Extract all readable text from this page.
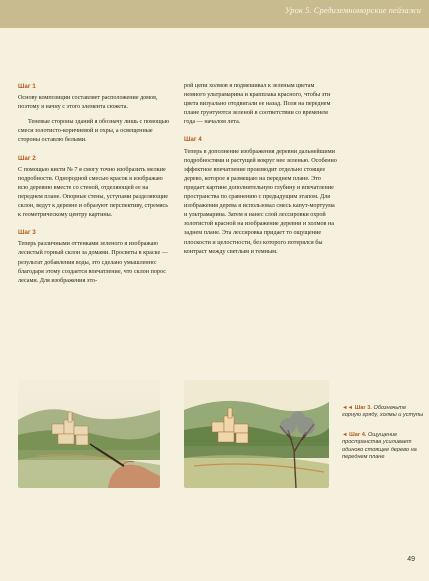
Урок 5. Средиземноморские пейзажи
Шаг 1

Основу композиции составляет расположение домов, поэтому я начну с этого элемента сюжета.

Теневые стороны зданий я обозначу лишь с помощью смеси золотисто-коричневой и охры, а освещенные стороны оставлю белыми.

Шаг 2

С помощью кисти № 7 я смогу точно изобразить мелкие подробности. Однородной смесью красок я изображаю всю деревню вместе со стеной, отделяющей ее на переднем плане. Опорные стены, уступами разделяющие склон, ведут к деревне и образуют перспективу, стремясь к геометрическому центру картины.

Шаг 3

Теперь различными оттенками зеленого я изображаю лесистый горный склон за домами. Просветы в краске — результат добавления воды, это сделано умышленно: благодаря этому создается впечатление, что склон порос лесами. Для изображения это-

рой цепи холмов я подмешивал к зеленым цветам немного ультрамарина и крапплака красного, чтобы эти цвета визуально отодвигали ее назад. Поля на переднем плане грунтуются зеленой в соответствии со временем года — началом лета.

Шаг 4

Теперь в дополнение изображения деревни дальнейшими подробностями и растущей вокруг нее зеленью. Особенно эффектное впечатление производит отдельно стоящее дерево, которое я размещаю на переднем плане. Это придает картине дополнительную глубину и впечатление пространства по сравнению с предыдущим этапом. Для изображения дерева я использовал смесь капут-мортуума и ультрамарина. Затем я нанес слой лессировки охрой золотистой красной на изображение деревни и холмов на заднем плане. Эта лессировка придает то ощущение плоскости и целостности, без которого потерялся бы контраст между светлым и темным.

◄◄ Шаг 3. Обозначьте горную гряду, холмы и уступы
◄ Шаг 4. Ощущение пространства усиливает одиноко стоящее дерево на переднем плане
49
